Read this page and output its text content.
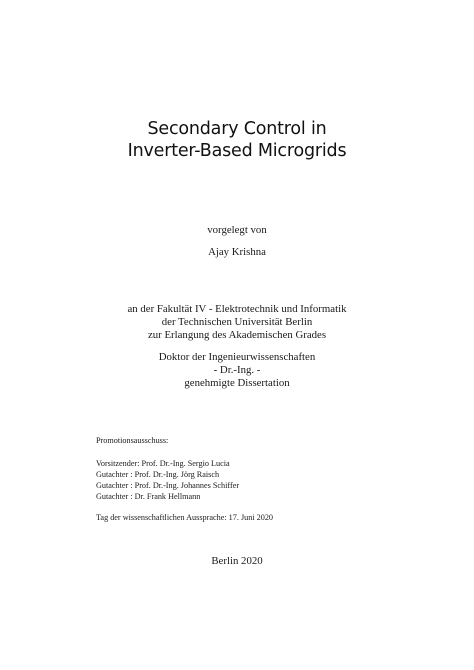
Secondary Control in
Inverter-Based Microgrids
vorgelegt von
Ajay Krishna
an der Fakultät IV - Elektrotechnik und Informatik
der Technischen Universität Berlin
zur Erlangung des Akademischen Grades
Doktor der Ingenieurwissenschaften
- Dr.-Ing. -
genehmigte Dissertation
Promotionsausschuss:
Vorsitzender: Prof. Dr.-Ing. Sergio Lucia
Gutachter : Prof. Dr.-Ing. Jörg Raisch
Gutachter : Prof. Dr.-Ing. Johannes Schiffer
Gutachter : Dr. Frank Hellmann
Tag der wissenschaftlichen Aussprache: 17. Juni 2020
Berlin 2020
